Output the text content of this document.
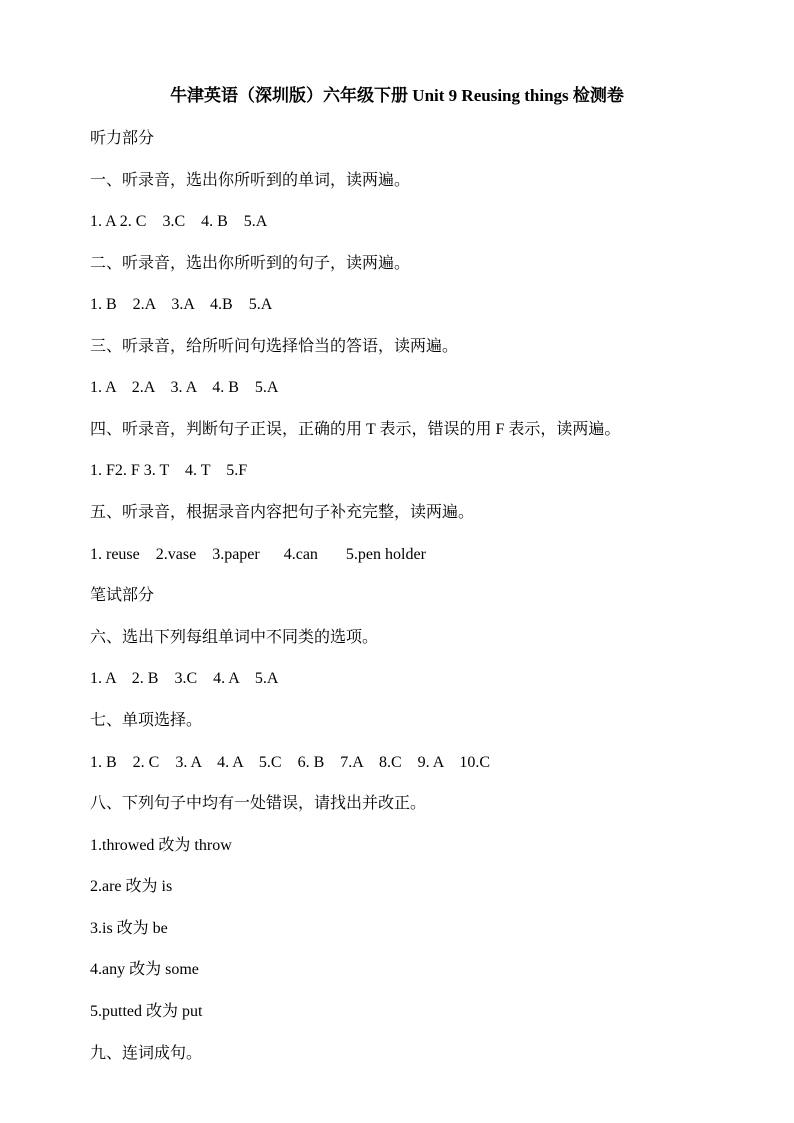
牛津英语（深圳版）六年级下册 Unit 9 Reusing things 检测卷
听力部分
一、听录音，选出你所听到的单词，读两遍。
1. A 2. C    3.C    4. B    5.A
二、听录音，选出你所听到的句子，读两遍。
1. B    2.A    3.A    4.B    5.A
三、听录音，给所听问句选择恰当的答语，读两遍。
1. A    2.A    3. A    4. B    5.A
四、听录音，判断句子正误，正确的用 T 表示，错误的用 F 表示，读两遍。
1. F2. F 3. T    4. T    5.F
五、听录音，根据录音内容把句子补充完整，读两遍。
1. reuse    2.vase    3.paper      4.can       5.pen holder
笔试部分
六、选出下列每组单词中不同类的选项。
1. A    2. B    3.C    4. A    5.A
七、单项选择。
1. B    2. C    3. A    4. A    5.C    6. B    7.A    8.C    9. A    10.C
八、下列句子中均有一处错误，请找出并改正。
1.throwed 改为 throw
2.are 改为 is
3.is 改为 be
4.any 改为 some
5.putted 改为 put
九、连词成句。
